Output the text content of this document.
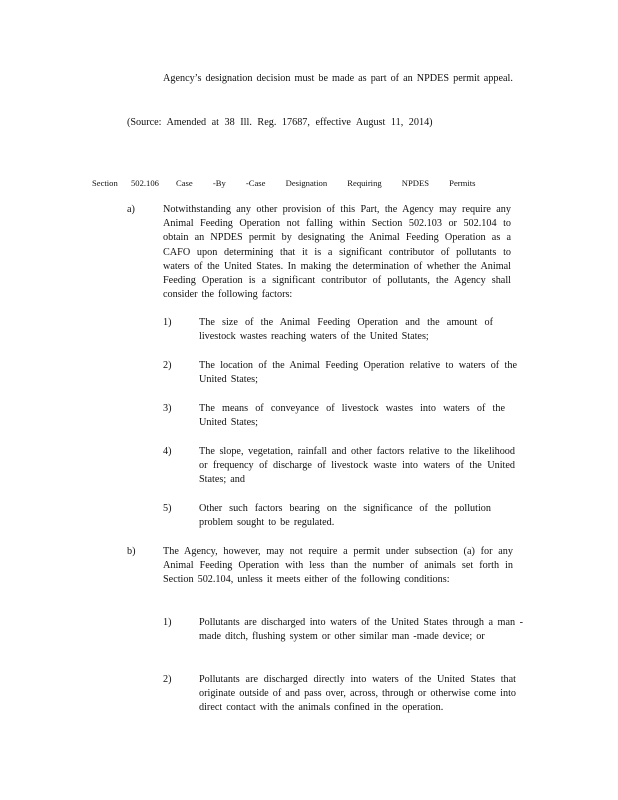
Agency’s designation decision must be made as part of an NPDES permit appeal.
(Source: Amended at 38 Ill. Reg. 17687, effective August 11, 2014)
Section 502.106 Case -By -Case Designation Requiring NPDES Permits
a)	Notwithstanding any other provision of this Part, the Agency may require any Animal Feeding Operation not falling within Section 502.103 or 502.104 to obtain an NPDES permit by designating the Animal Feeding Operation as a CAFO upon determining that it is a significant contributor of pollutants to waters of the United States. In making the determination of whether the Animal Feeding Operation is a significant contributor of pollutants, the Agency shall consider the following factors:
1)	The size of the Animal Feeding Operation and the amount of livestock wastes reaching waters of the United States;
2)	The location of the Animal Feeding Operation relative to waters of the United States;
3)	The means of conveyance of livestock wastes into waters of the United States;
4)	The slope, vegetation, rainfall and other factors relative to the likelihood or frequency of discharge of livestock waste into waters of the United States; and
5)	Other such factors bearing on the significance of the pollution problem sought to be regulated.
b)	The Agency, however, may not require a permit under subsection (a) for any Animal Feeding Operation with less than the number of animals set forth in Section 502.104, unless it meets either of the following conditions:
1)	Pollutants are discharged into waters of the United States through a man -made ditch, flushing system or other similar man -made device; or
2)	Pollutants are discharged directly into waters of the United States that originate outside of and pass over, across, through or otherwise come into direct contact with the animals confined in the operation.
